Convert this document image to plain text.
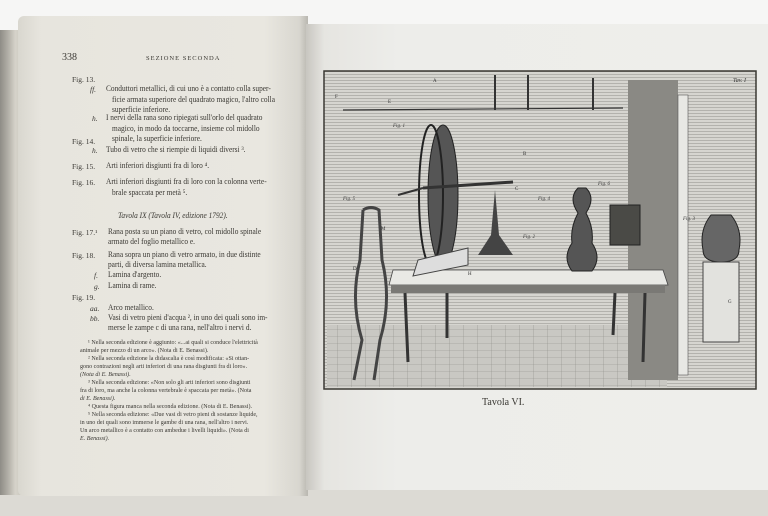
338	SEZIONE SECONDA
Fig. 13.
ff. Conduttori metallici, di cui uno è a contatto colla super-
ficie armata superiore del quadrato magico, l'altro colla
superficie inferiore.
h. I nervi della rana sono ripiegati sull'orlo del quadrato
magico, in modo da toccarne, insieme col midollo
spinale, la superficie inferiore.
Fig. 14.
h. Tubo di vetro che si riempie di liquidi diversi ³.
Fig. 15. Arti inferiori disgiunti fra di loro ⁴.
Fig. 16. Arti inferiori disgiunti fra di loro con la colonna verte-
brale spaccata per metà ⁵.
Tavola IX (Tavola IV, edizione 1792).
Fig. 17.¹ Rana posta su un piano di vetro, col midollo spinale
armato del foglio metallico e.
Fig. 18. Rana sopra un piano di vetro armato, in due distinte
parti, di diversa lamina metallica.
f. Lamina d'argento.
g. Lamina di rame.
Fig. 19.
aa. Arco metallico.
bb. Vasi di vetro pieni d'acqua ², in uno dei quali sono im-
merse le zampe c di una rana, nell'altro i nervi d.
¹ Nella seconda edizione è aggiunto: «...ai quali si conduce l'elettricità
animale per mezzo di un arco». (Nota di E. Benassi).
² Nella seconda edizione la didascalia è così modificata: «Si ottan-
gono contrazioni negli arti inferiori di una rana disgiunti fra di loro».
(Nota di E. Benassi).
³ Nella seconda edizione: «Non solo gli arti inferiori sono disgiunti
fra di loro, ma anche la colonna vertebrale è spaccata per metà». (Nota
di E. Benassi).
⁴ Questa figura manca nella seconda edizione. (Nota di E. Benassi).
⁵ Nella seconda edizione: «Due vasi di vetro pieni di sostanze liquide,
in uno dei quali sono immerse le gambe di una rana, nell'altro i nervi.
Un arco metallico è a contatto con ambedue i livelli liquidi». (Nota di
E. Benassi).
Tav. I
Fig. 1
Fig. 4
Fig. 6
Fig. 3
Fig. 2
Fig. 5
A
B
C
D
E
F
G
H
M
Tavola VI.
